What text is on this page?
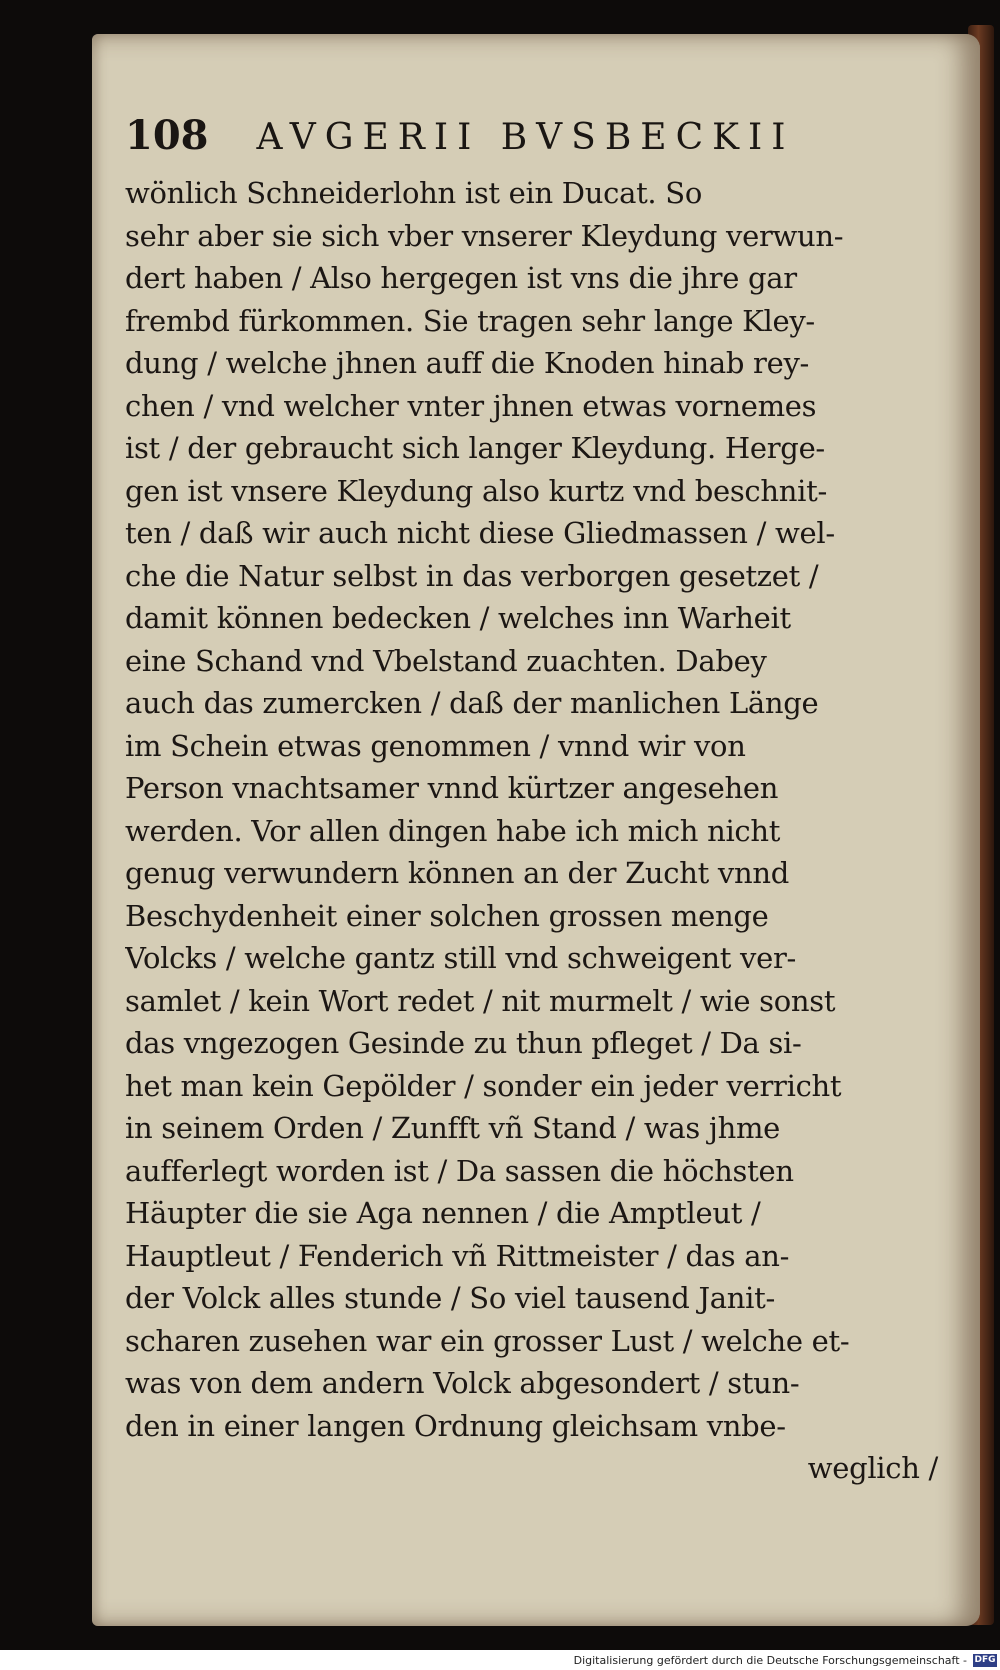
108 AVGERII BVSBECKII
wönlich Schneiderlohn ist ein Ducat. So
sehr aber sie sich vber vnserer Kleydung verwun-
dert haben / Also hergegen ist vns die jhre gar
frembd fürkommen. Sie tragen sehr lange Kley-
dung / welche jhnen auff die Knoden hinab rey-
chen / vnd welcher vnter jhnen etwas vornemes
ist / der gebraucht sich langer Kleydung. Herge-
gen ist vnsere Kleydung also kurtz vnd beschnit-
ten / daß wir auch nicht diese Gliedmassen / wel-
che die Natur selbst in das verborgen gesetzet /
damit können bedecken / welches inn Warheit
eine Schand vnd Vbelstand zuachten. Dabey
auch das zumercken / daß der manlichen Länge
im Schein etwas genommen / vnnd wir von
Person vnachtsamer vnnd kürtzer angesehen
werden. Vor allen dingen habe ich mich nicht
genug verwundern können an der Zucht vnnd
Beschydenheit einer solchen grossen menge
Volcks / welche gantz still vnd schweigent ver-
samlet / kein Wort redet / nit murmelt / wie sonst
das vngezogen Gesinde zu thun pfleget / Da si-
het man kein Gepölder / sonder ein jeder verricht
in seinem Orden / Zunfft vñ Stand / was jhme
aufferlegt worden ist / Da sassen die höchsten
Häupter die sie Aga nennen / die Amptleut /
Hauptleut / Fenderich vñ Rittmeister / das an-
der Volck alles stunde / So viel tausend Janit-
scharen zusehen war ein grosser Lust / welche et-
was von dem andern Volck abgesondert / stun-
den in einer langen Ordnung gleichsam vnbe-
weglich /
Digitalisierung gefördert durch die Deutsche Forschungsgemeinschaft - DFG
